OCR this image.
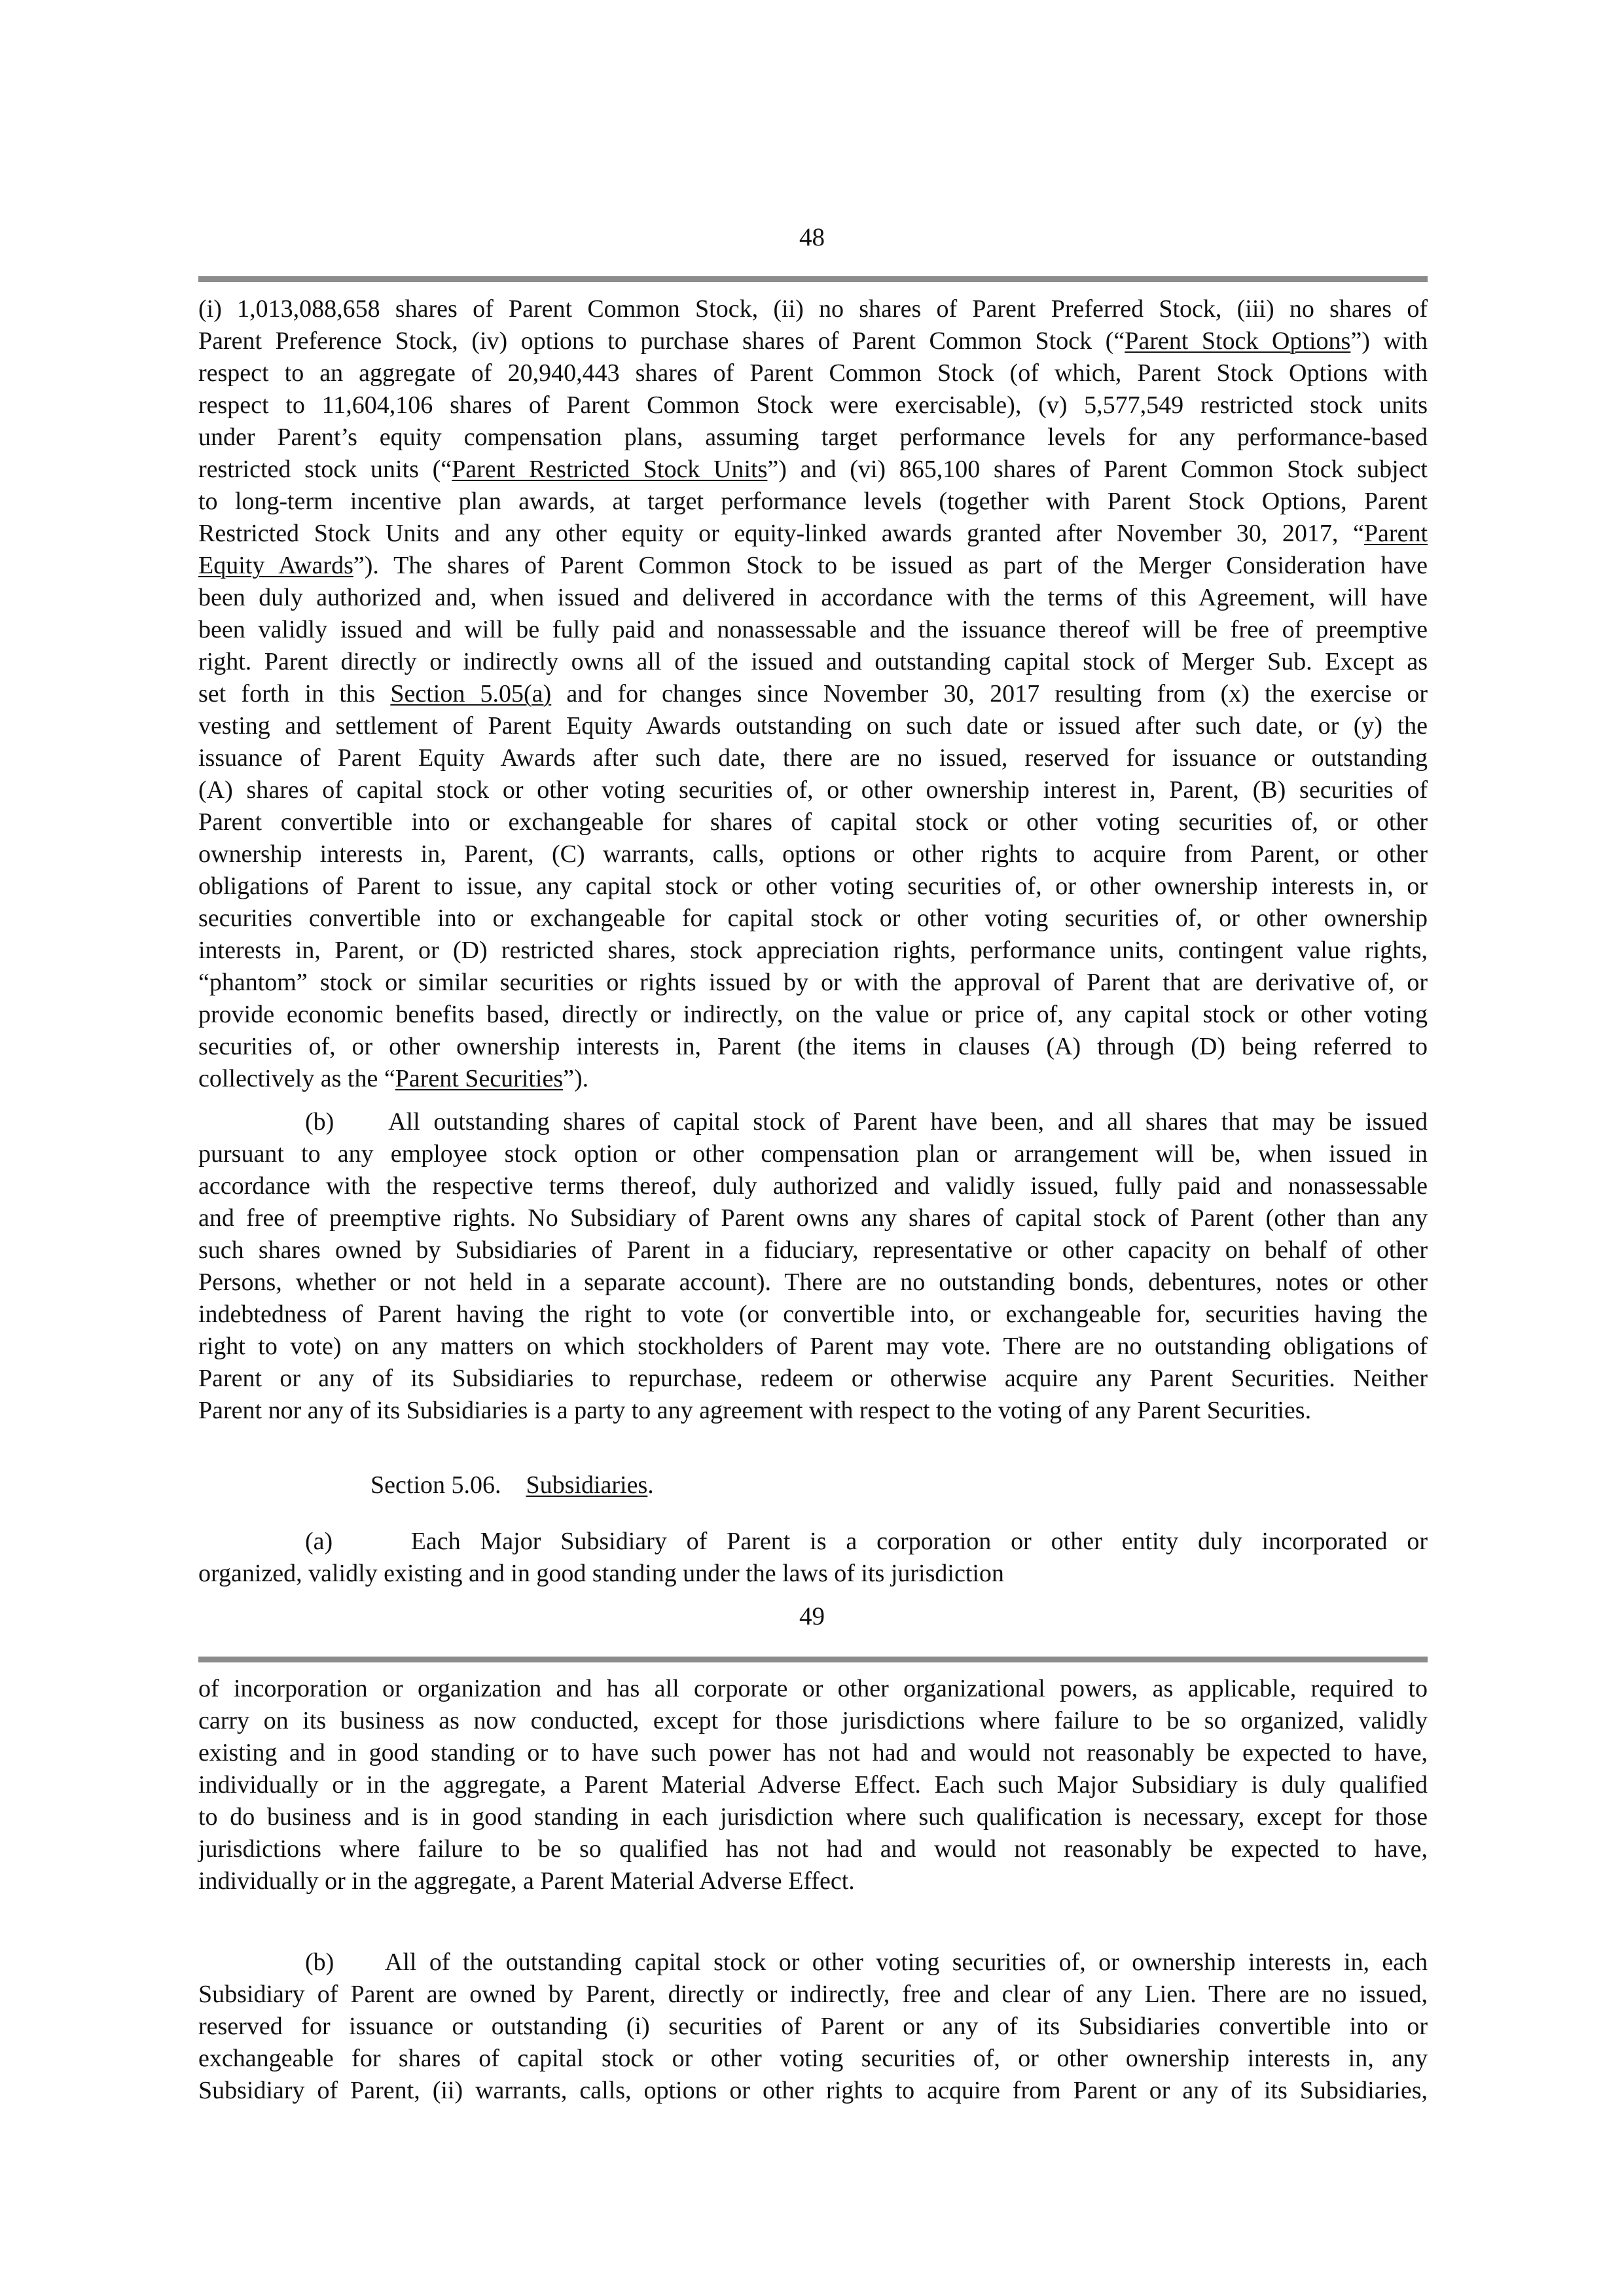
48
(i) 1,013,088,658 shares of Parent Common Stock, (ii) no shares of Parent Preferred Stock, (iii) no shares of
Parent Preference Stock, (iv) options to purchase shares of Parent Common Stock (“Parent Stock Options”) with
respect to an aggregate of 20,940,443 shares of Parent Common Stock (of which, Parent Stock Options with
respect to 11,604,106 shares of Parent Common Stock were exercisable), (v) 5,577,549 restricted stock units
under Parent’s equity compensation plans, assuming target performance levels for any performance-based
restricted stock units (“Parent Restricted Stock Units”) and (vi) 865,100 shares of Parent Common Stock subject
to long-term incentive plan awards, at target performance levels (together with Parent Stock Options, Parent
Restricted Stock Units and any other equity or equity-linked awards granted after November 30, 2017, “Parent
Equity Awards”). The shares of Parent Common Stock to be issued as part of the Merger Consideration have
been duly authorized and, when issued and delivered in accordance with the terms of this Agreement, will have
been validly issued and will be fully paid and nonassessable and the issuance thereof will be free of preemptive
right. Parent directly or indirectly owns all of the issued and outstanding capital stock of Merger Sub. Except as
set forth in this Section 5.05(a) and for changes since November 30, 2017 resulting from (x) the exercise or
vesting and settlement of Parent Equity Awards outstanding on such date or issued after such date, or (y) the
issuance of Parent Equity Awards after such date, there are no issued, reserved for issuance or outstanding
(A) shares of capital stock or other voting securities of, or other ownership interest in, Parent, (B) securities of
Parent convertible into or exchangeable for shares of capital stock or other voting securities of, or other
ownership interests in, Parent, (C) warrants, calls, options or other rights to acquire from Parent, or other
obligations of Parent to issue, any capital stock or other voting securities of, or other ownership interests in, or
securities convertible into or exchangeable for capital stock or other voting securities of, or other ownership
interests in, Parent, or (D) restricted shares, stock appreciation rights, performance units, contingent value rights,
“phantom” stock or similar securities or rights issued by or with the approval of Parent that are derivative of, or
provide economic benefits based, directly or indirectly, on the value or price of, any capital stock or other voting
securities of, or other ownership interests in, Parent (the items in clauses (A) through (D) being referred to
collectively as the “Parent Securities”).
(b)    All outstanding shares of capital stock of Parent have been, and all shares that may be issued
pursuant to any employee stock option or other compensation plan or arrangement will be, when issued in
accordance with the respective terms thereof, duly authorized and validly issued, fully paid and nonassessable
and free of preemptive rights. No Subsidiary of Parent owns any shares of capital stock of Parent (other than any
such shares owned by Subsidiaries of Parent in a fiduciary, representative or other capacity on behalf of other
Persons, whether or not held in a separate account). There are no outstanding bonds, debentures, notes or other
indebtedness of Parent having the right to vote (or convertible into, or exchangeable for, securities having the
right to vote) on any matters on which stockholders of Parent may vote. There are no outstanding obligations of
Parent or any of its Subsidiaries to repurchase, redeem or otherwise acquire any Parent Securities. Neither
Parent nor any of its Subsidiaries is a party to any agreement with respect to the voting of any Parent Securities.

Section 5.06. Subsidiaries.

(a)    Each Major Subsidiary of Parent is a corporation or other entity duly incorporated or
organized, validly existing and in good standing under the laws of its jurisdiction
49
of incorporation or organization and has all corporate or other organizational powers, as applicable, required to
carry on its business as now conducted, except for those jurisdictions where failure to be so organized, validly
existing and in good standing or to have such power has not had and would not reasonably be expected to have,
individually or in the aggregate, a Parent Material Adverse Effect. Each such Major Subsidiary is duly qualified
to do business and is in good standing in each jurisdiction where such qualification is necessary, except for those
jurisdictions where failure to be so qualified has not had and would not reasonably be expected to have,
individually or in the aggregate, a Parent Material Adverse Effect.
(b)    All of the outstanding capital stock or other voting securities of, or ownership interests in, each
Subsidiary of Parent are owned by Parent, directly or indirectly, free and clear of any Lien. There are no issued,
reserved for issuance or outstanding (i) securities of Parent or any of its Subsidiaries convertible into or
exchangeable for shares of capital stock or other voting securities of, or other ownership interests in, any
Subsidiary of Parent, (ii) warrants, calls, options or other rights to acquire from Parent or any of its Subsidiaries,
